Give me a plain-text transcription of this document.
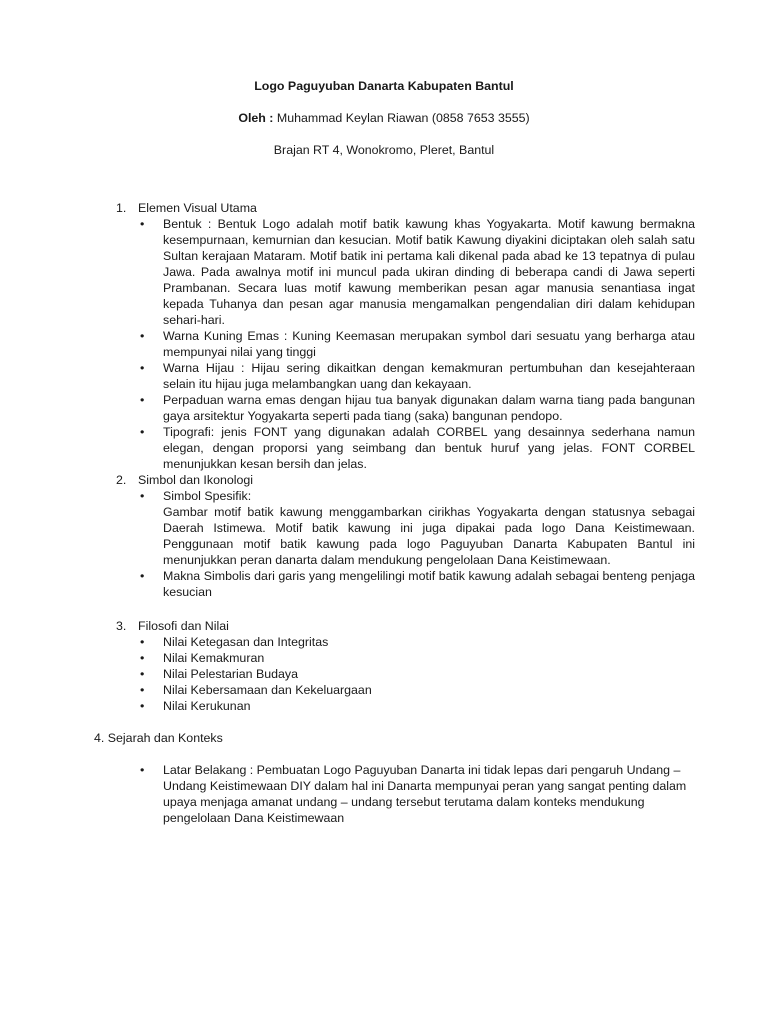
Logo Paguyuban Danarta Kabupaten Bantul
Oleh : Muhammad Keylan Riawan (0858 7653 3555)
Brajan RT 4, Wonokromo, Pleret, Bantul
1. Elemen Visual Utama
• Bentuk : Bentuk Logo adalah motif batik kawung khas Yogyakarta. Motif kawung bermakna kesempurnaan, kemurnian dan kesucian. Motif batik Kawung diyakini diciptakan oleh salah satu Sultan kerajaan Mataram. Motif batik ini pertama kali dikenal pada abad ke 13 tepatnya di pulau Jawa. Pada awalnya motif ini muncul pada ukiran dinding di beberapa candi di Jawa seperti Prambanan. Secara luas motif kawung memberikan pesan agar manusia senantiasa ingat kepada Tuhanya dan pesan agar manusia mengamalkan pengendalian diri dalam kehidupan sehari-hari.
• Warna Kuning Emas : Kuning Keemasan merupakan symbol dari sesuatu yang berharga atau mempunyai nilai yang tinggi
• Warna Hijau : Hijau sering dikaitkan dengan kemakmuran pertumbuhan dan kesejahteraan selain itu hijau juga melambangkan uang dan kekayaan.
• Perpaduan warna emas dengan hijau tua banyak digunakan dalam warna tiang pada bangunan gaya arsitektur Yogyakarta seperti pada tiang (saka) bangunan pendopo.
• Tipografi: jenis FONT yang digunakan adalah CORBEL yang desainnya sederhana namun elegan, dengan proporsi yang seimbang dan bentuk huruf yang jelas. FONT CORBEL menunjukkan kesan bersih dan jelas.
2. Simbol dan Ikonologi
• Simbol Spesifik:
Gambar motif batik kawung menggambarkan cirikhas Yogyakarta dengan statusnya sebagai Daerah Istimewa. Motif batik kawung ini juga dipakai pada logo Dana Keistimewaan. Penggunaan motif batik kawung pada logo Paguyuban Danarta Kabupaten Bantul ini menunjukkan peran danarta dalam mendukung pengelolaan Dana Keistimewaan.
• Makna Simbolis dari garis yang mengelilingi motif batik kawung adalah sebagai benteng penjaga kesucian
3. Filosofi dan Nilai
• Nilai Ketegasan dan Integritas
• Nilai Kemakmuran
• Nilai Pelestarian Budaya
• Nilai Kebersamaan dan Kekeluargaan
• Nilai Kerukunan
4. Sejarah dan Konteks
• Latar Belakang : Pembuatan Logo Paguyuban Danarta ini tidak lepas dari pengaruh Undang – Undang Keistimewaan DIY dalam hal ini Danarta mempunyai peran yang sangat penting dalam upaya menjaga amanat undang – undang tersebut terutama dalam konteks mendukung pengelolaan Dana Keistimewaan
